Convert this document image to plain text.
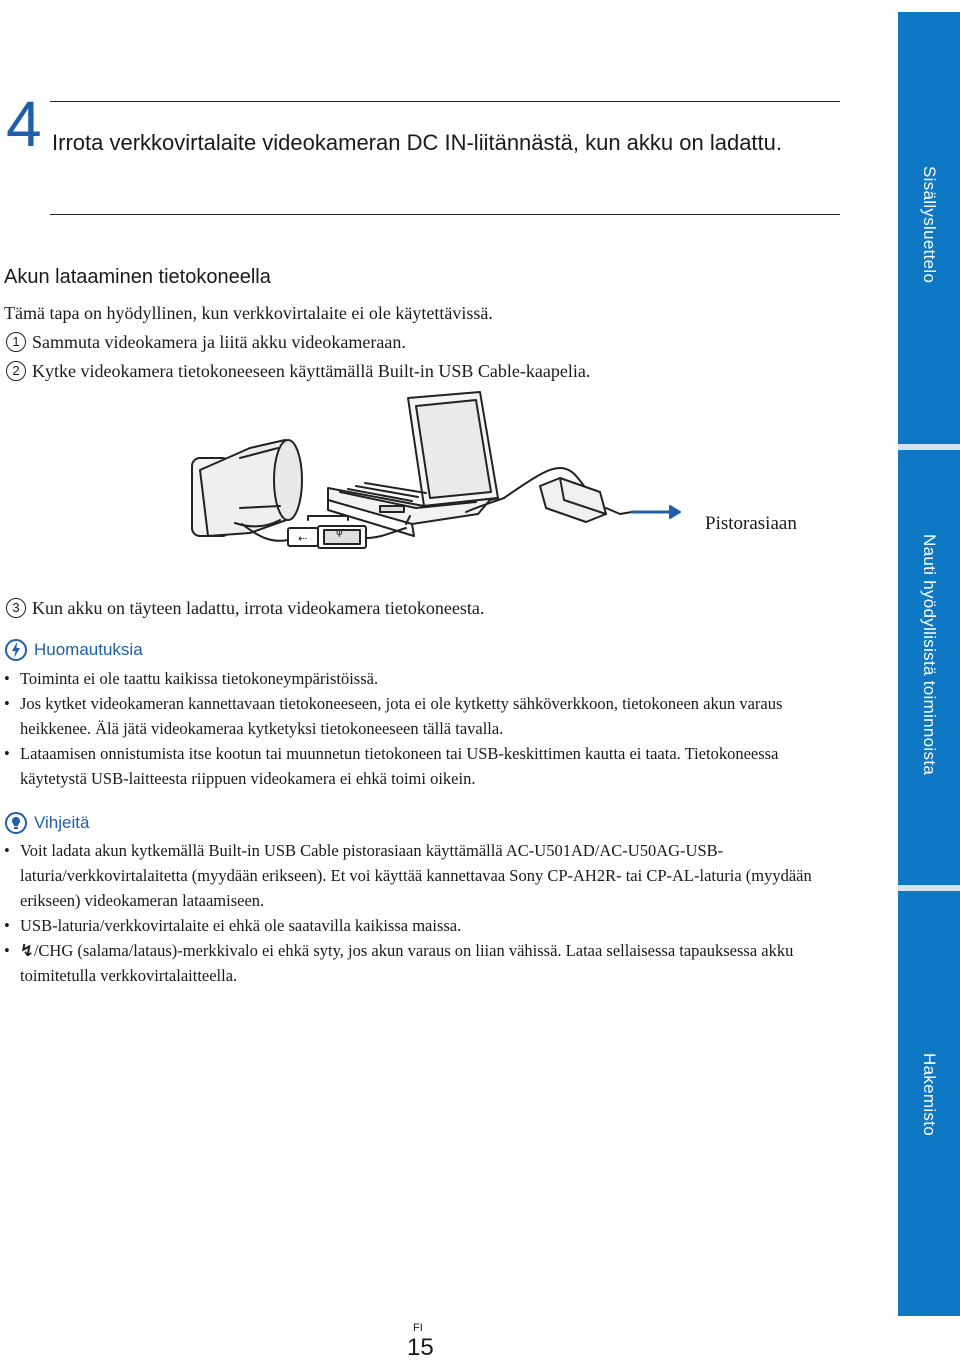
4 Irrota verkkovirtalaite videokameran DC IN-liitännästä, kun akku on ladattu.
Akun lataaminen tietokoneella
Tämä tapa on hyödyllinen, kun verkkovirtalaite ei ole käytettävissä.
1 Sammuta videokamera ja liitä akku videokameraan.
2 Kytke videokamera tietokoneeseen käyttämällä Built-in USB Cable-kaapelia.
⇠	ψ	Pistorasiaan
3 Kun akku on täyteen ladattu, irrota videokamera tietokoneesta.
Huomautuksia
• Toiminta ei ole taattu kaikissa tietokoneympäristöissä.
• Jos kytket videokameran kannettavaan tietokoneeseen, jota ei ole kytketty sähköverkkoon, tietokoneen akun varaus heikkenee. Älä jätä videokameraa kytketyksi tietokoneeseen tällä tavalla.
• Lataamisen onnistumista itse kootun tai muunnetun tietokoneen tai USB-keskittimen kautta ei taata. Tietokoneessa käytetystä USB-laitteesta riippuen videokamera ei ehkä toimi oikein.
Vihjeitä
• Voit ladata akun kytkemällä Built-in USB Cable pistorasiaan käyttämällä AC-U501AD/AC-U50AG-USB-laturia/verkkovirtalaitetta (myydään erikseen). Et voi käyttää kannettavaa Sony CP-AH2R- tai CP-AL-laturia (myydään erikseen) videokameran lataamiseen.
• USB-laturia/verkkovirtalaite ei ehkä ole saatavilla kaikissa maissa.
• ↯/CHG (salama/lataus)-merkkivalo ei ehkä syty, jos akun varaus on liian vähissä. Lataa sellaisessa tapauksessa akku toimitetulla verkkovirtalaitteella.
Sisällysluettelo
Nauti hyödyllisistä toiminnoista
Hakemisto
FI
15
